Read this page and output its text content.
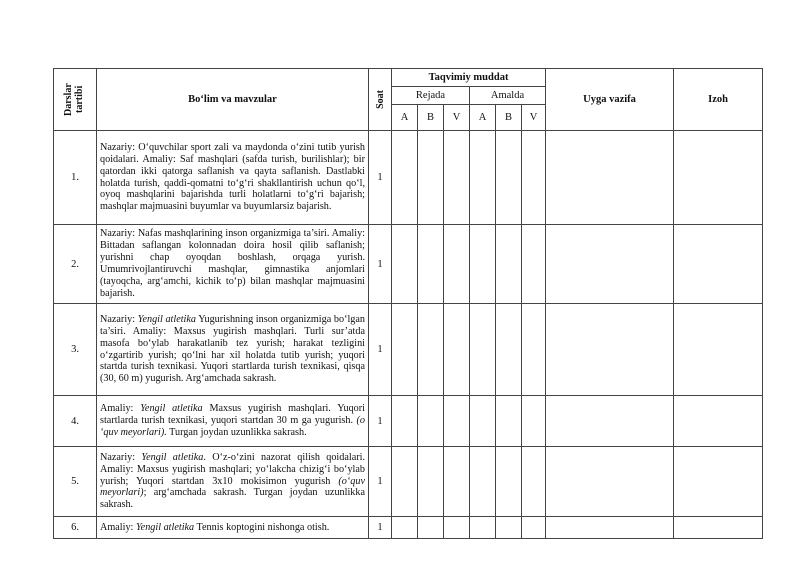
Darslar tartibi	Bo‘lim va mavzular	Soat	Taqvimiy muddat						Uyga vazifa	Izoh
			Rejada			Amalda				
			A	B	V	A	B	V		
1.	Nazariy: O‘quvchilar sport zali va maydonda o‘zini tutib yurish qoidalari. Amaliy: Saf mashqlari (safda turish, burilishlar); bir qatordan ikki qatorga saflanish va qayta saflanish. Dastlabki holatda turish, qaddi-qomatni to‘g‘ri shakllantirish uchun qo‘l, oyoq mashqlarini bajarishda turli holatlarni to‘g‘ri bajarish; mashqlar majmuasini buyumlar va buyumlarsiz bajarish.	1								
2.	Nazariy: Nafas mashqlarining inson organizmiga ta’siri. Amaliy: Bittadan saflangan kolonnadan doira hosil qilib saflanish; yurishni chap oyoqdan boshlash, orqaga yurish. Umumrivojlantiruvchi mashqlar, gimnastika anjomlari (tayoqcha, arg‘amchi, kichik to‘p) bilan mashqlar majmuasini bajarish.	1								
3.	Nazariy: Yengil atletika Yugurishning inson organizmiga bo‘lgan ta’siri. Amaliy: Maxsus yugirish mashqlari. Turli sur’atda masofa bo‘ylab harakatlanib tez yurish; harakat tezligini o‘zgartirib yurish; qo‘lni har xil holatda tutib yurish; yuqori startda turish texnikasi. Yuqori startlarda turish texnikasi, qisqa (30, 60 m) yugurish. Arg‘amchada sakrash.	1								
4.	Amaliy: Yengil atletika Maxsus yugirish mashqlari. Yuqori startlarda turish texnikasi, yuqori startdan 30 m ga yugurish. (o ‘quv meyorlari). Turgan joydan uzunlikka sakrash.	1								
5.	Nazariy: Yengil atletika. O‘z-o‘zini nazorat qilish qoidalari. Amaliy: Maxsus yugirish mashqlari; yo‘lakcha chizig‘i bo‘ylab yurish; Yuqori startdan 3x10 mokisimon yugurish (o‘quv meyorlari); arg‘amchada sakrash. Turgan joydan uzunlikka sakrash.	1								
6.	Amaliy: Yengil atletika Tennis koptogini nishonga otish.	1								
